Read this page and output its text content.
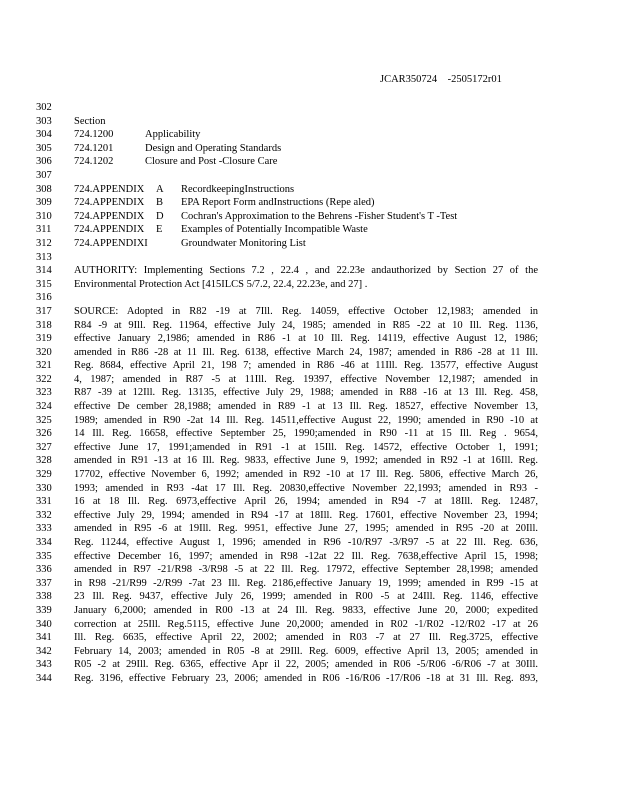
JCAR350724    -2505172r01
302
303	Section
304	724.1200	Applicability
305	724.1201	Design and Operating Standards
306	724.1202	Closure and Post -Closure Care
307
308	724.APPENDIX A RecordkeepingInstructions
309	724.APPENDIX B EPA Report Form andInstructions (Repe aled)
310	724.APPENDIX D Cochran's Approximation to the Behrens -Fisher Student's T -Test
311	724.APPENDIX E Examples of Potentially Incompatible Waste
312	724.APPENDIXI	Groundwater Monitoring List
313
314	AUTHORITY: Implementing Sections 7.2 , 22.4 , and 22.23e andauthorized by Section 27 of the
315	Environmental Protection Act [415ILCS 5/7.2, 22.4, 22.23e, and 27] .
316
317	SOURCE: Adopted in R82 -19 at 7Ill. Reg. 14059, effective October 12,1983; amended in
318	R84 -9 at 9Ill. Reg. 11964, effective July 24, 1985; amended in R85 -22 at 10 Ill. Reg. 1136,
319	effective January 2,1986; amended in R86 -1 at 10 Ill. Reg. 14119, effective August 12, 1986;
320	amended in R86 -28 at 11 Ill. Reg. 6138, effective March 24, 1987; amended in R86 -28 at 11 Ill.
321	Reg. 8684, effective April 21, 198 7; amended in R86 -46 at 11Ill. Reg. 13577, effective August
322	4, 1987; amended in R87 -5 at 11Ill. Reg. 19397, effective November 12,1987; amended in
323	R87 -39 at 12Ill. Reg. 13135, effective July 29, 1988; amended in R88 -16 at 13 Ill. Reg. 458,
324	effective De cember 28,1988; amended in R89 -1 at 13 Ill. Reg. 18527, effective November 13,
325	1989; amended in R90 -2at 14 Ill. Reg. 14511,effective August 22, 1990; amended in R90 -10 at
326	14 Ill. Reg. 16658, effective September 25, 1990;amended in R90 -11 at 15 Ill. Reg . 9654,
327	effective June 17, 1991;amended in R91 -1 at 15Ill. Reg. 14572, effective October 1, 1991;
328	amended in R91 -13 at 16 Ill. Reg. 9833, effective June 9, 1992; amended in R92 -1 at 16Ill. Reg.
329	17702, effective November 6, 1992; amended in R92 -10 at 17 Ill. Reg. 5806, effective March 26,
330	1993; amended in R93 -4at 17 Ill. Reg. 20830,effective November 22,1993; amended in R93 -
331	16 at 18 Ill. Reg. 6973,effective April 26, 1994; amended in R94 -7 at 18Ill. Reg. 12487,
332	effective July 29, 1994; amended in R94 -17 at 18Ill. Reg. 17601, effective November 23, 1994;
333	amended in R95 -6 at 19Ill. Reg. 9951, effective June 27, 1995; amended in R95 -20 at 20Ill.
334	Reg. 11244, effective August 1, 1996; amended in R96 -10/R97 -3/R97 -5 at 22 Ill. Reg. 636,
335	effective December 16, 1997; amended in R98 -12at 22 Ill. Reg. 7638,effective April 15, 1998;
336	amended in R97 -21/R98 -3/R98 -5 at 22 Ill. Reg. 17972, effective September 28,1998; amended
337	in R98 -21/R99 -2/R99 -7at 23 Ill. Reg. 2186,effective January 19, 1999; amended in R99 -15 at
338	23 Ill. Reg. 9437, effective July 26, 1999; amended in R00 -5 at 24Ill. Reg. 1146, effective
339	January 6,2000; amended in R00 -13 at 24 Ill. Reg. 9833, effective June 20, 2000; expedited
340	correction at 25Ill. Reg.5115, effective June 20,2000; amended in R02 -1/R02 -12/R02 -17 at 26
341	Ill. Reg. 6635, effective April 22, 2002; amended in R03 -7 at 27 Ill. Reg.3725, effective
342	February 14, 2003; amended in R05 -8 at 29Ill. Reg. 6009, effective April 13, 2005; amended in
343	R05 -2 at 29Ill. Reg. 6365, effective Apr il 22, 2005; amended in R06 -5/R06 -6/R06 -7 at 30Ill.
344	Reg. 3196, effective February 23, 2006; amended in R06 -16/R06 -17/R06 -18 at 31 Ill. Reg. 893,
